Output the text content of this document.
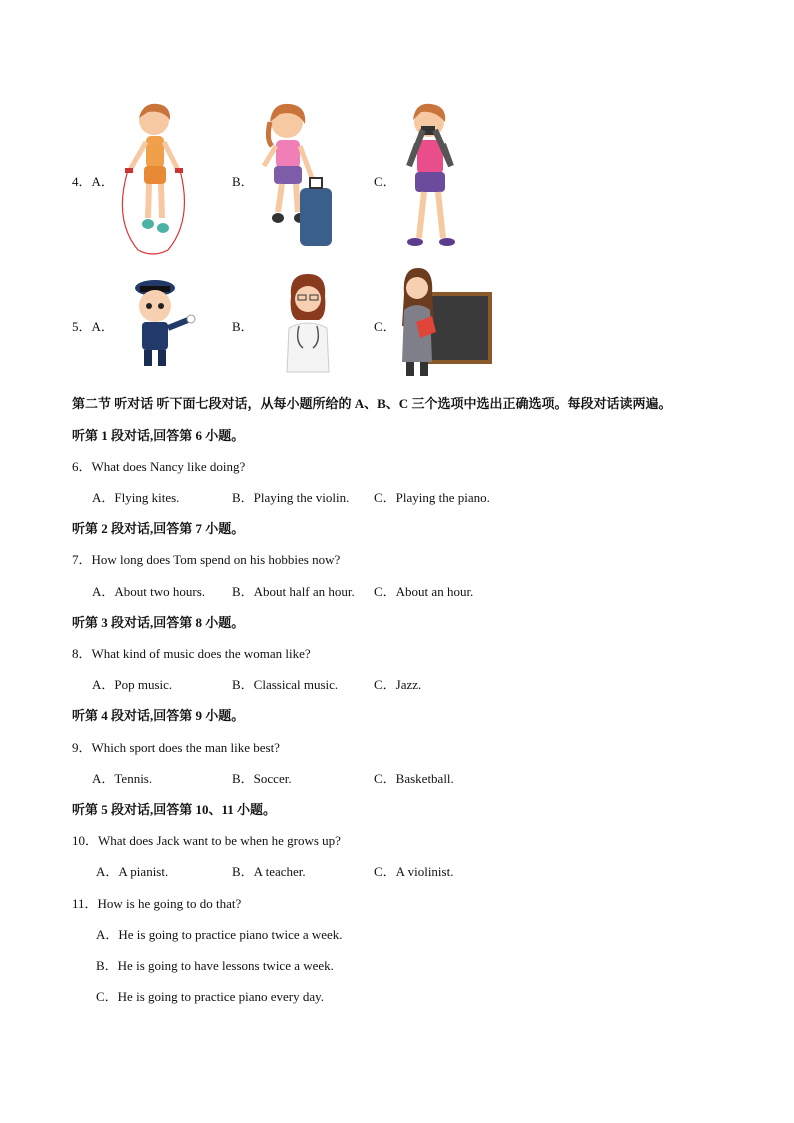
4．A．	B．	C．
5．A．	B．	C．
第二节 听对话 听下面七段对话，从每小题所给的 A、B、C 三个选项中选出正确选项。每段对话读两遍。
听第 1 段对话,回答第 6 小题。
6．What does Nancy like doing?
A．Flying kites.	B．Playing the violin. C．Playing the piano.
听第 2 段对话,回答第 7 小题。
7．How long does Tom spend on his hobbies now?
A．About two hours. B．About half an hour. C．About an hour.
听第 3 段对话,回答第 8 小题。
8．What kind of music does the woman like?
A．Pop music.	B．Classical music.	C．Jazz.
听第 4 段对话,回答第 9 小题。
9．Which sport does the man like best?
A．Tennis.	B．Soccer.	C．Basketball.
听第 5 段对话,回答第 10、11 小题。
10．What does Jack want to be when he grows up?
A．A pianist.	B．A teacher.	C．A violinist.
11．How is he going to do that?
A．He is going to practice piano twice a week.
B．He is going to have lessons twice a week.
C．He is going to practice piano every day.
